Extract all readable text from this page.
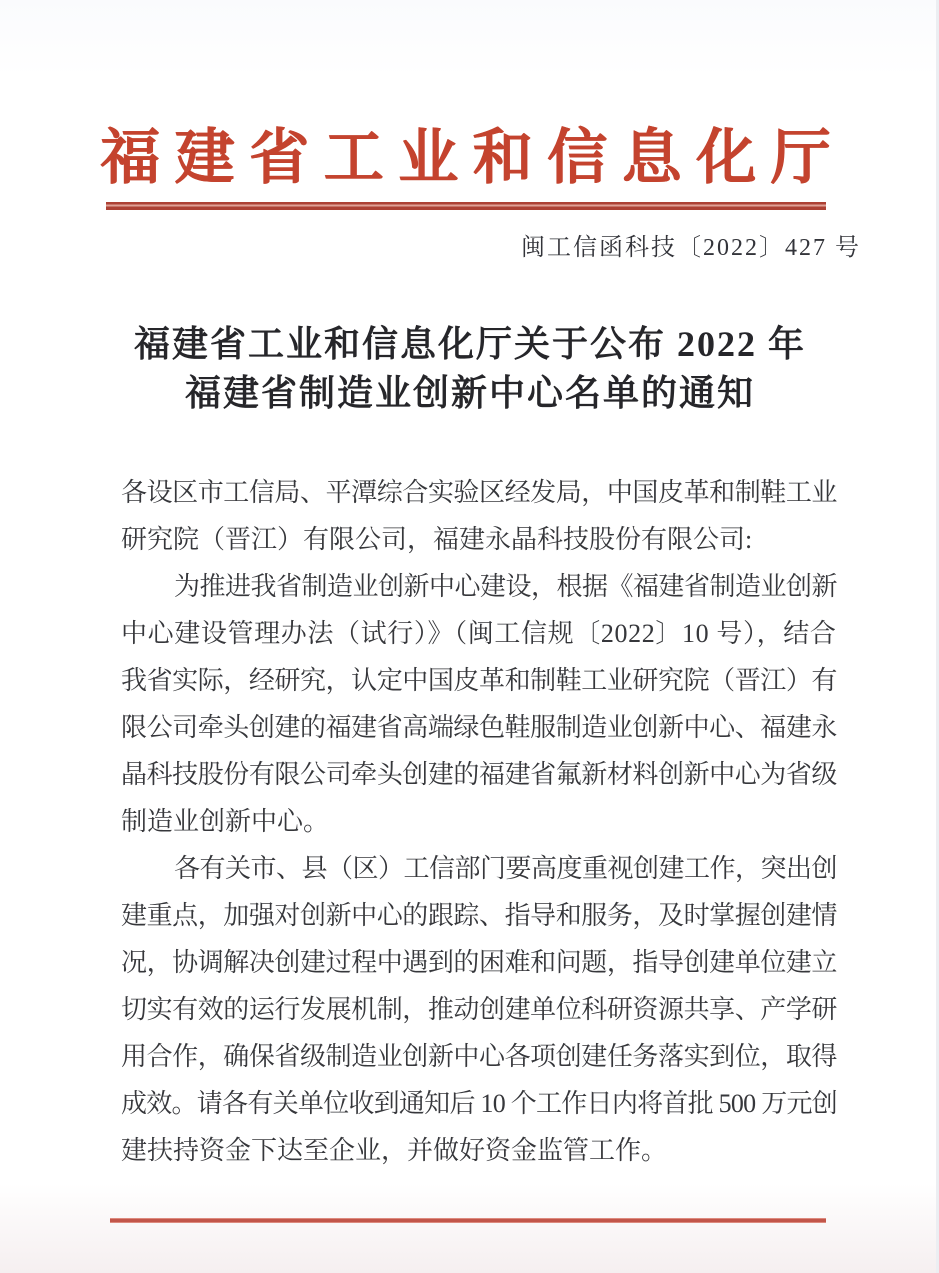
福建省工业和信息化厅
闽工信函科技〔2022〕427 号
福建省工业和信息化厅关于公布 2022 年
福建省制造业创新中心名单的通知
各设区市工信局、平潭综合实验区经发局，中国皮革和制鞋工业
研究院（晋江）有限公司，福建永晶科技股份有限公司:
为推进我省制造业创新中心建设，根据《福建省制造业创新
中心建设管理办法（试行）》（闽工信规〔2022〕10 号），结合
我省实际，经研究，认定中国皮革和制鞋工业研究院（晋江）有
限公司牵头创建的福建省高端绿色鞋服制造业创新中心、福建永
晶科技股份有限公司牵头创建的福建省氟新材料创新中心为省级
制造业创新中心。
各有关市、县（区）工信部门要高度重视创建工作，突出创
建重点，加强对创新中心的跟踪、指导和服务，及时掌握创建情
况，协调解决创建过程中遇到的困难和问题，指导创建单位建立
切实有效的运行发展机制，推动创建单位科研资源共享、产学研
用合作，确保省级制造业创新中心各项创建任务落实到位，取得
成效。请各有关单位收到通知后 10 个工作日内将首批 500 万元创
建扶持资金下达至企业，并做好资金监管工作。
